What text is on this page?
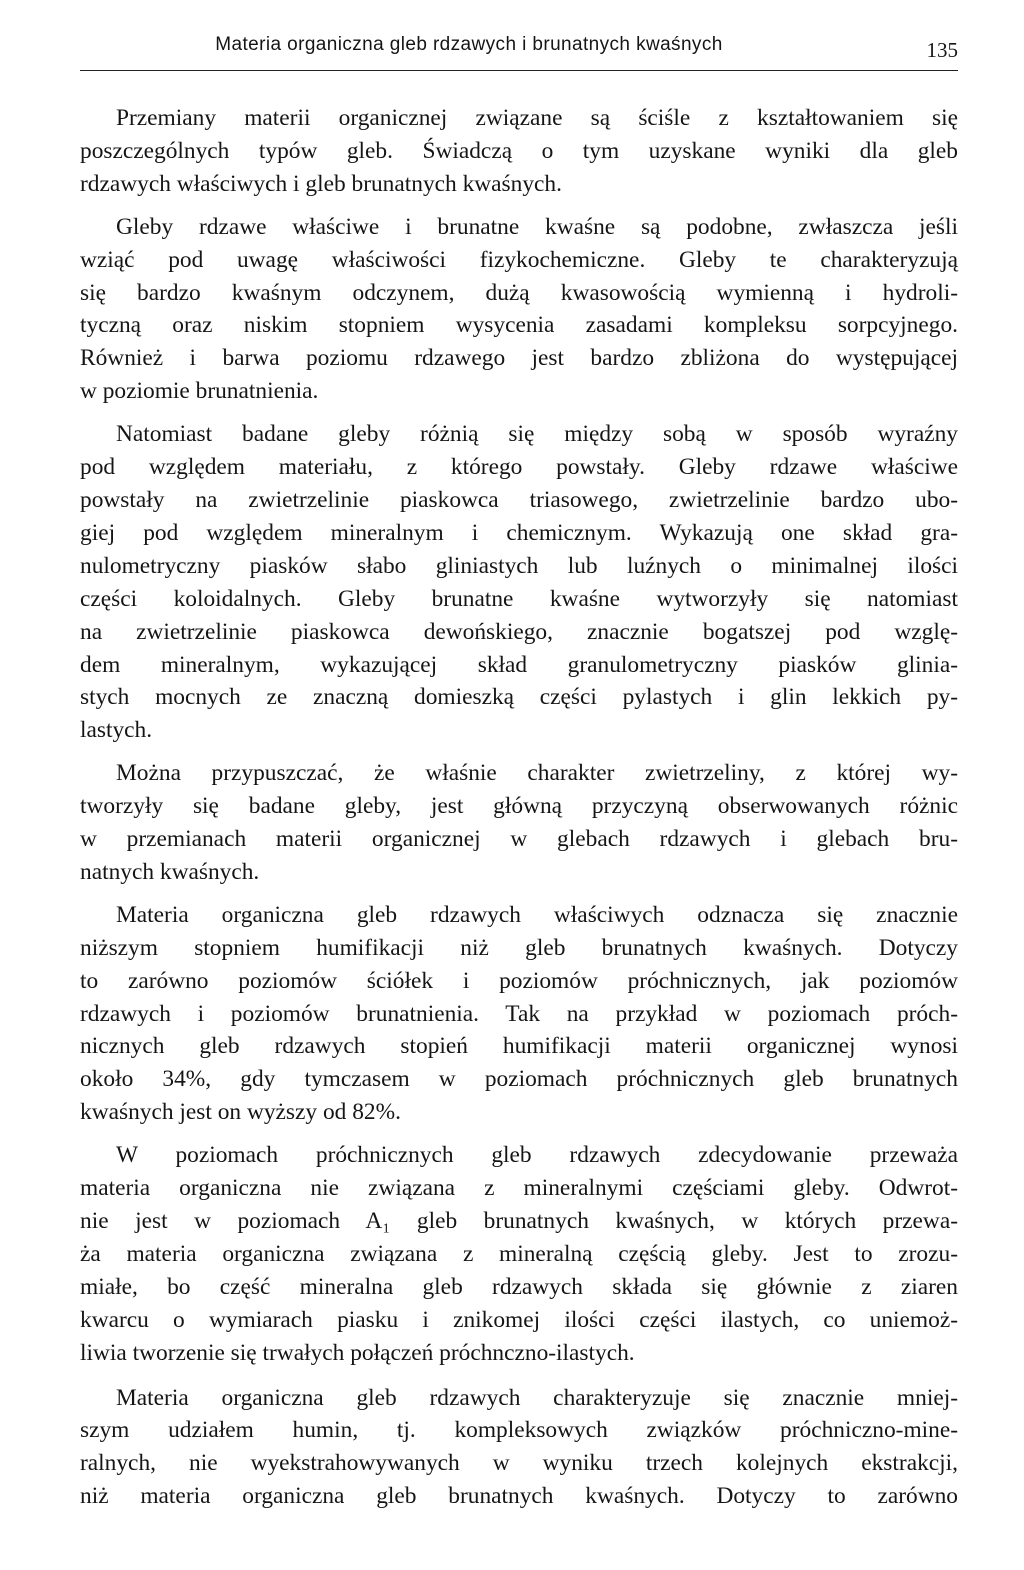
Materia organiczna gleb rdzawych i brunatnych kwaśnych	135
Przemiany materii organicznej związane są ściśle z kształtowaniem się
poszczególnych typów gleb. Świadczą o tym uzyskane wyniki dla gleb
rdzawych właściwych i gleb brunatnych kwaśnych.
Gleby rdzawe właściwe i brunatne kwaśne są podobne, zwłaszcza jeśli
wziąć pod uwagę właściwości fizykochemiczne. Gleby te charakteryzują
się bardzo kwaśnym odczynem, dużą kwasowością wymienną i hydroli-
tyczną oraz niskim stopniem wysycenia zasadami kompleksu sorpcyjnego.
Również i barwa poziomu rdzawego jest bardzo zbliżona do występującej
w poziomie brunatnienia.
Natomiast badane gleby różnią się między sobą w sposób wyraźny
pod względem materiału, z którego powstały. Gleby rdzawe właściwe
powstały na zwietrzelinie piaskowca triasowego, zwietrzelinie bardzo ubo-
giej pod względem mineralnym i chemicznym. Wykazują one skład gra-
nulometryczny piasków słabo gliniastych lub luźnych o minimalnej ilości
części koloidalnych. Gleby brunatne kwaśne wytworzyły się natomiast
na zwietrzelinie piaskowca dewońskiego, znacznie bogatszej pod wzglę-
dem mineralnym, wykazującej skład granulometryczny piasków glinia-
stych mocnych ze znaczną domieszką części pylastych i glin lekkich py-
lastych.
Można przypuszczać, że właśnie charakter zwietrzeliny, z której wy-
tworzyły się badane gleby, jest główną przyczyną obserwowanych różnic
w przemianach materii organicznej w glebach rdzawych i glebach bru-
natnych kwaśnych.
Materia organiczna gleb rdzawych właściwych odznacza się znacznie
niższym stopniem humifikacji niż gleb brunatnych kwaśnych. Dotyczy
to zarówno poziomów ściółek i poziomów próchnicznych, jak poziomów
rdzawych i poziomów brunatnienia. Tak na przykład w poziomach próch-
nicznych gleb rdzawych stopień humifikacji materii organicznej wynosi
około 34%, gdy tymczasem w poziomach próchnicznych gleb brunatnych
kwaśnych jest on wyższy od 82%.
W poziomach próchnicznych gleb rdzawych zdecydowanie przeważa
materia organiczna nie związana z mineralnymi częściami gleby. Odwrot-
nie jest w poziomach A₁ gleb brunatnych kwaśnych, w których przewa-
ża materia organiczna związana z mineralną częścią gleby. Jest to zrozu-
miałe, bo część mineralna gleb rdzawych składa się głównie z ziaren
kwarcu o wymiarach piasku i znikomej ilości części ilastych, co uniemoż-
liwia tworzenie się trwałych połączeń próchnczno-ilastych.
Materia organiczna gleb rdzawych charakteryzuje się znacznie mniej-
szym udziałem humin, tj. kompleksowych związków próchniczno-mine-
ralnych, nie wyekstrahowywanych w wyniku trzech kolejnych ekstrakcji,
niż materia organiczna gleb brunatnych kwaśnych. Dotyczy to zarówno
